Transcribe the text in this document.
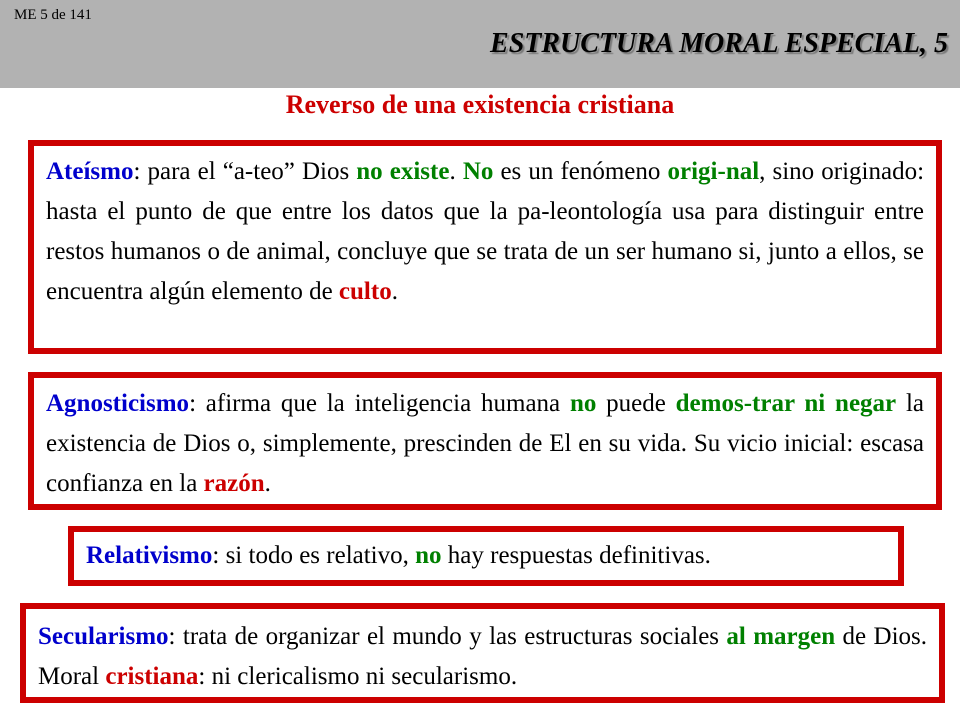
ME 5 de 141
ESTRUCTURA MORAL ESPECIAL, 5
Reverso de una existencia cristiana
Ateísmo: para el “a-teo” Dios no existe. No es un fenómeno origi-nal, sino originado: hasta el punto de que entre los datos que la pa-leontología usa para distinguir entre restos humanos o de animal, concluye que se trata de un ser humano si, junto a ellos, se encuentra algún elemento de culto.
Agnosticismo: afirma que la inteligencia humana no puede demos-trar ni negar la existencia de Dios o, simplemente, prescinden de El en su vida. Su vicio inicial: escasa confianza en la razón.
Relativismo: si todo es relativo, no hay respuestas definitivas.
Secularismo: trata de organizar el mundo y las estructuras sociales al margen de Dios. Moral cristiana: ni clericalismo ni secularismo.
